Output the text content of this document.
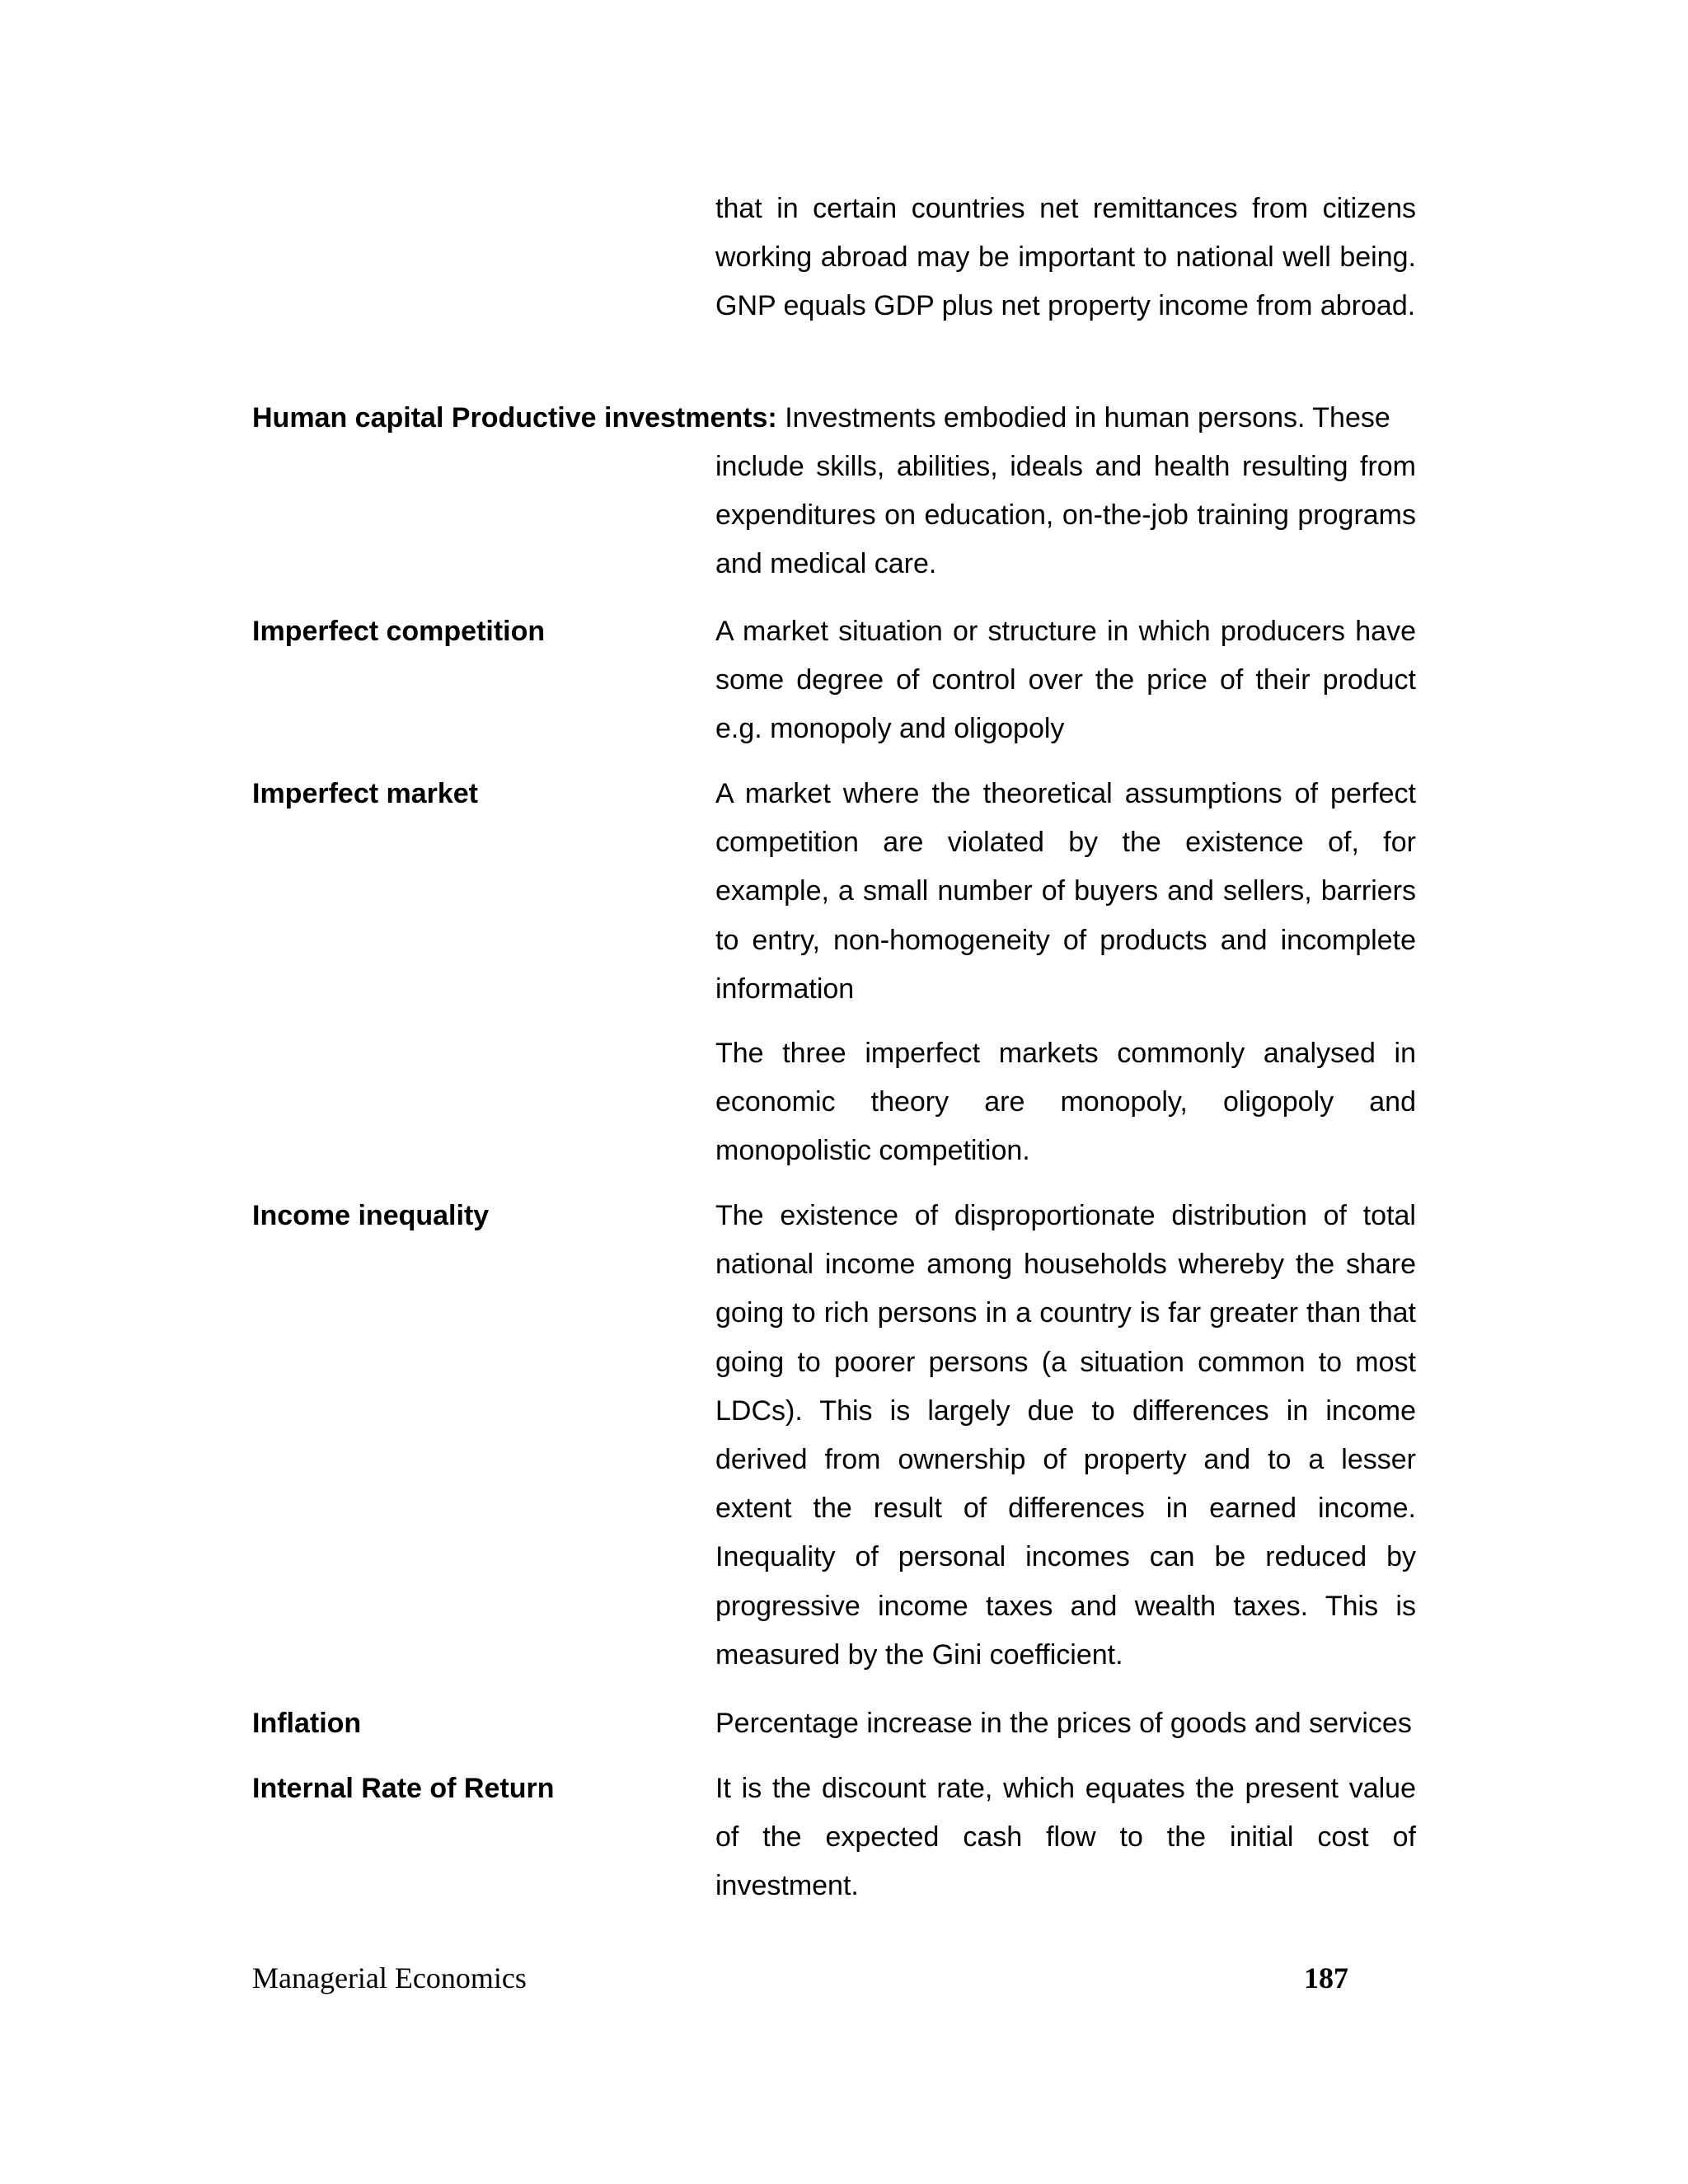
that in certain countries net remittances from citizens working abroad may be important to national well being. GNP equals GDP plus net property income from abroad.
Human capital Productive investments: Investments embodied in human persons. These
include skills, abilities, ideals and health resulting from expenditures on education, on-the-job training programs and medical care.
Imperfect competition	A market situation or structure in which producers have some degree of control over the price of their product e.g. monopoly and oligopoly
Imperfect market	A market where the theoretical assumptions of perfect competition are violated by the existence of, for example, a small number of buyers and sellers, barriers to entry, non-homogeneity of products and incomplete information
The three imperfect markets commonly analysed in economic theory are monopoly, oligopoly and monopolistic competition.
Income inequality	The existence of disproportionate distribution of total national income among households whereby the share going to rich persons in a country is far greater than that going to poorer persons (a situation common to most LDCs). This is largely due to differences in income derived from ownership of property and to a lesser extent the result of differences in earned income. Inequality of personal incomes can be reduced by progressive income taxes and wealth taxes. This is measured by the Gini coefficient.
Inflation	Percentage increase in the prices of goods and services
Internal Rate of Return	It is the discount rate, which equates the present value of the expected cash flow to the initial cost of investment.
Managerial Economics	187
